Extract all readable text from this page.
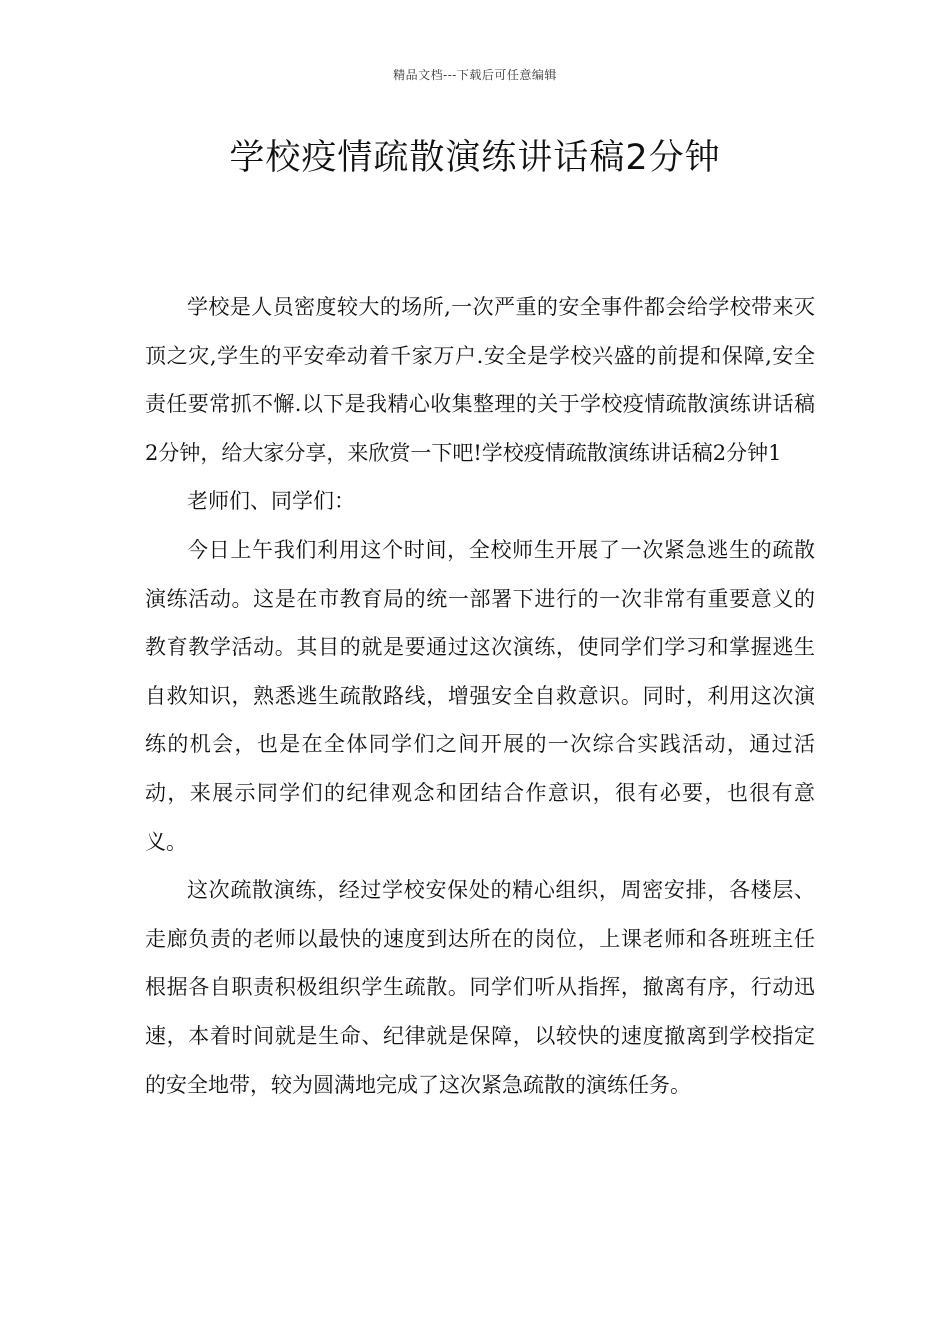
精品文档---下载后可任意编辑
学校疫情疏散演练讲话稿2分钟

学校是人员密度较大的场所,一次严重的安全事件都会给学校带来灭顶之灾,学生的平安牵动着千家万户.安全是学校兴盛的前提和保障,安全责任要常抓不懈.以下是我精心收集整理的关于学校疫情疏散演练讲话稿2分钟，给大家分享，来欣赏一下吧!学校疫情疏散演练讲话稿2分钟1

老师们、同学们：

今日上午我们利用这个时间，全校师生开展了一次紧急逃生的疏散演练活动。这是在市教育局的统一部署下进行的一次非常有重要意义的教育教学活动。其目的就是要通过这次演练，使同学们学习和掌握逃生自救知识，熟悉逃生疏散路线，增强安全自救意识。同时，利用这次演练的机会，也是在全体同学们之间开展的一次综合实践活动，通过活动，来展示同学们的纪律观念和团结合作意识，很有必要，也很有意义。

这次疏散演练，经过学校安保处的精心组织，周密安排，各楼层、走廊负责的老师以最快的速度到达所在的岗位，上课老师和各班班主任根据各自职责积极组织学生疏散。同学们听从指挥，撤离有序，行动迅速，本着时间就是生命、纪律就是保障，以较快的速度撤离到学校指定的安全地带，较为圆满地完成了这次紧急疏散的演练任务。
